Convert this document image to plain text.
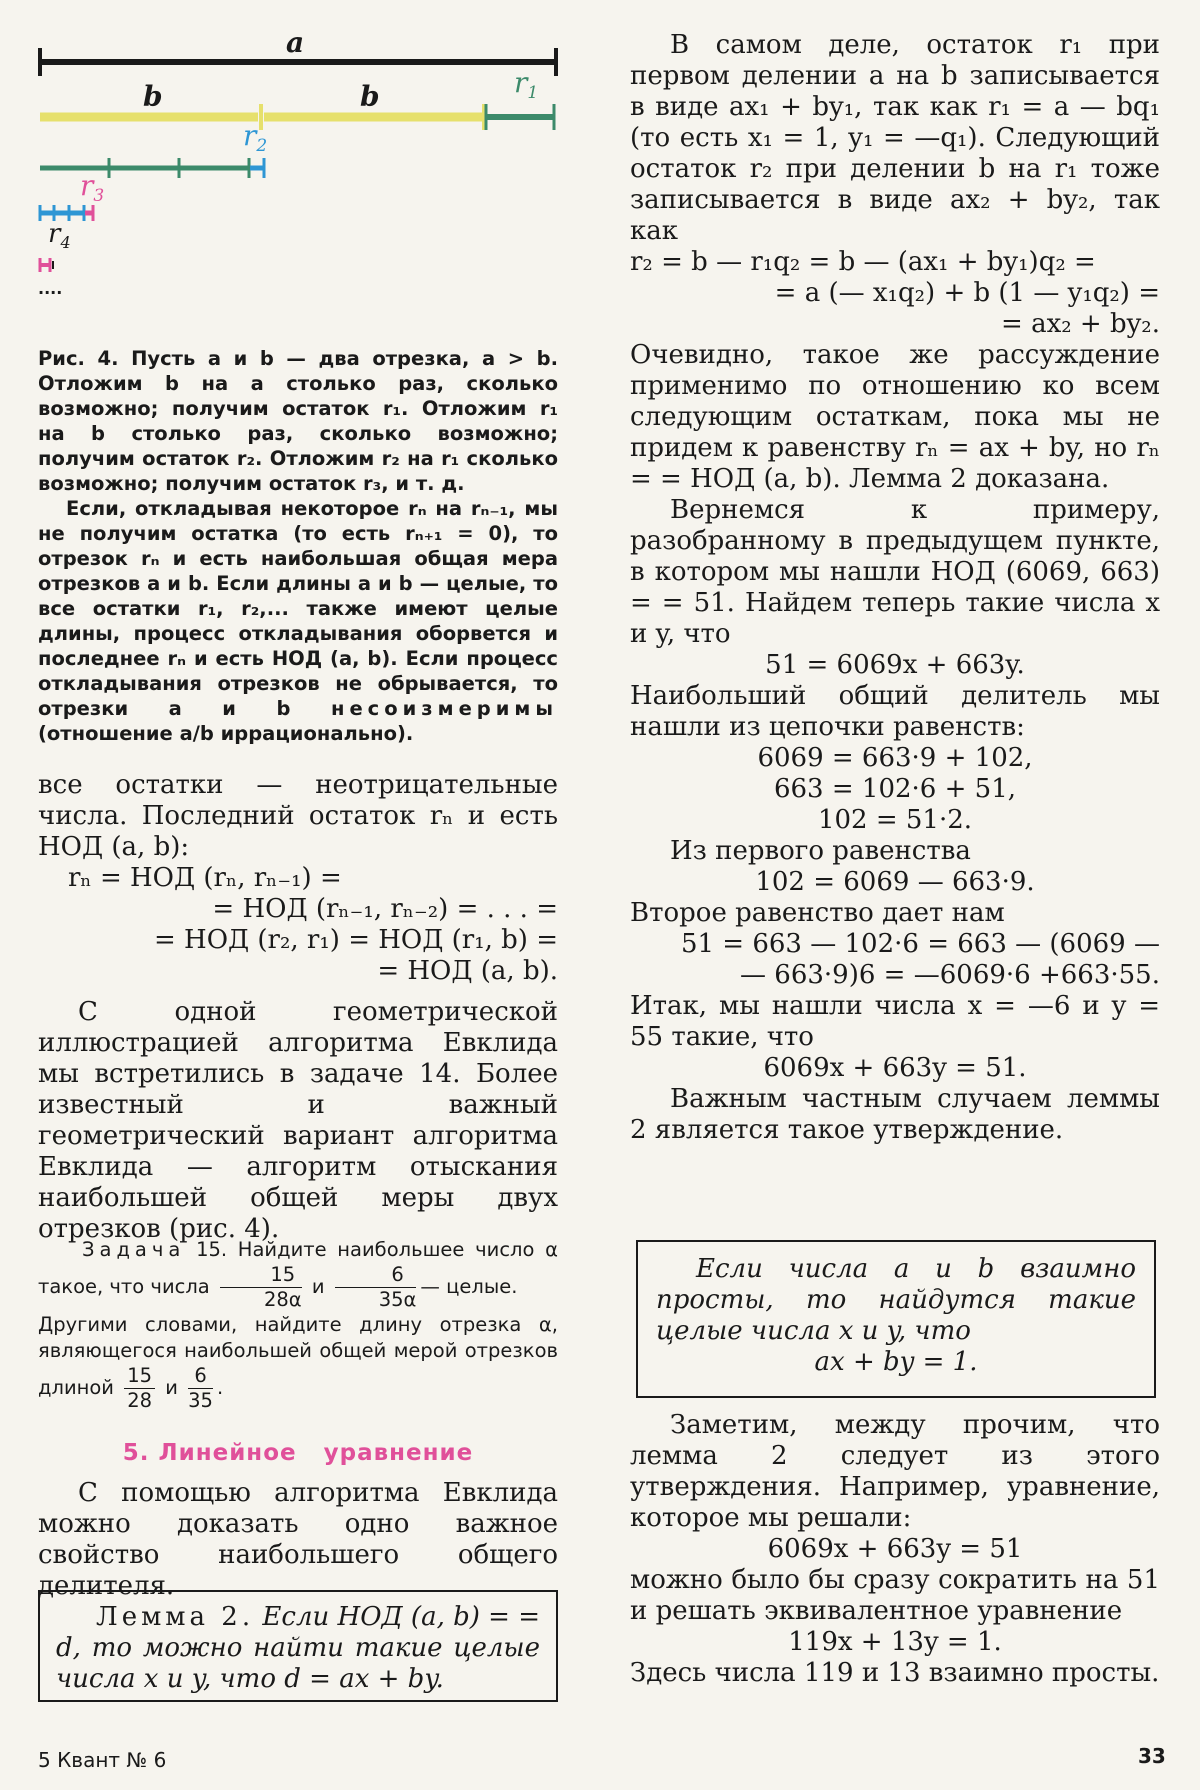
a
b	b	$r_1$
$r_2$
$r_3$
$r_4$
....

Рис. 4. Пусть a и b — два отрезка, a > b. Отложим b на a столько раз, сколько возможно; получим остаток r₁. Отложим r₁ на b столько раз, сколько возможно; получим остаток r₂. Отложим r₂ на r₁ сколько возможно; получим остаток r₃, и т. д.

Если, откладывая некоторое rₙ на rₙ₋₁, мы не получим остатка (то есть rₙ₊₁ = 0), то отрезок rₙ и есть наибольшая общая мера отрезков a и b. Если длины a и b — целые, то все остатки r₁, r₂,... также имеют целые длины, процесс откладывания оборвется и последнее rₙ и есть НОД (a, b). Если процесс откладывания отрезков не обрывается, то отрезки a и b несоизмеримы (отношение a/b иррационально).

все остатки — неотрицательные числа. Последний остаток rₙ и есть НОД (a, b):

rₙ = НОД (rₙ, rₙ₋₁) =
= НОД (rₙ₋₁, rₙ₋₂) = . . . =
= НОД (r₂, r₁) = НОД (r₁, b) =
= НОД (a, b).

С одной геометрической иллюстрацией алгоритма Евклида мы встретились в задаче 14. Более известный и важный геометрический вариант алгоритма Евклида — алгоритм отыскания наибольшей общей меры двух отрезков (рис. 4).

Задача 15. Найдите наибольшее число α такое, что числа $\frac{15}{28\alpha}$ и $\frac{6}{35\alpha}$ — целые.

Другими словами, найдите длину отрезка α, являющегося наибольшей общей мерой отрезков длиной $\frac{15}{28}$ и $\frac{6}{35}$ .

5. Линейное   уравнение

С помощью алгоритма Евклида можно доказать одно важное свойство наибольшего общего делителя.

Лемма 2. Если НОД (a, b) = = d, то можно найти такие целые числа x и y, что d = ax + by.

В самом деле, остаток r₁ при первом делении a на b записывается в виде ax₁ + by₁, так как r₁ = a — bq₁ (то есть x₁ = 1, y₁ = —q₁). Следующий остаток r₂ при делении b на r₁ тоже записывается в виде ax₂ + by₂, так как

r₂ = b — r₁q₂ = b — (ax₁ + by₁)q₂ =
= a (— x₁q₂) + b (1 — y₁q₂) =
= ax₂ + by₂.

Очевидно, такое же рассуждение применимо по отношению ко всем следующим остаткам, пока мы не придем к равенству rₙ = ax + by, но rₙ = = НОД (a, b). Лемма 2 доказана.

Вернемся к примеру, разобранному в предыдущем пункте, в котором мы нашли НОД (6069, 663) = = 51. Найдем теперь такие числа x и y, что

51 = 6069x + 663y.

Наибольший общий делитель мы нашли из цепочки равенств:

6069 = 663·9 + 102,
663 = 102·6 + 51,
102 = 51·2.

Из первого равенства

102 = 6069 — 663·9.

Второе равенство дает нам

51 = 663 — 102·6 = 663 — (6069 —
— 663·9)6 = —6069·6 +663·55.

Итак, мы нашли числа x = —6 и y = 55 такие, что

6069x + 663y = 51.

Важным частным случаем леммы 2 является такое утверждение.

Если числа a и b взаимно просты, то найдутся такие целые числа x и y, что

ax + by = 1.

Заметим, между прочим, что лемма 2 следует из этого утверждения. Например, уравнение, которое мы решали:

6069x + 663y = 51

можно было бы сразу сократить на 51 и решать эквивалентное уравнение

119x + 13y = 1.

Здесь числа 119 и 13 взаимно просты.

5 Квант № 6	33
